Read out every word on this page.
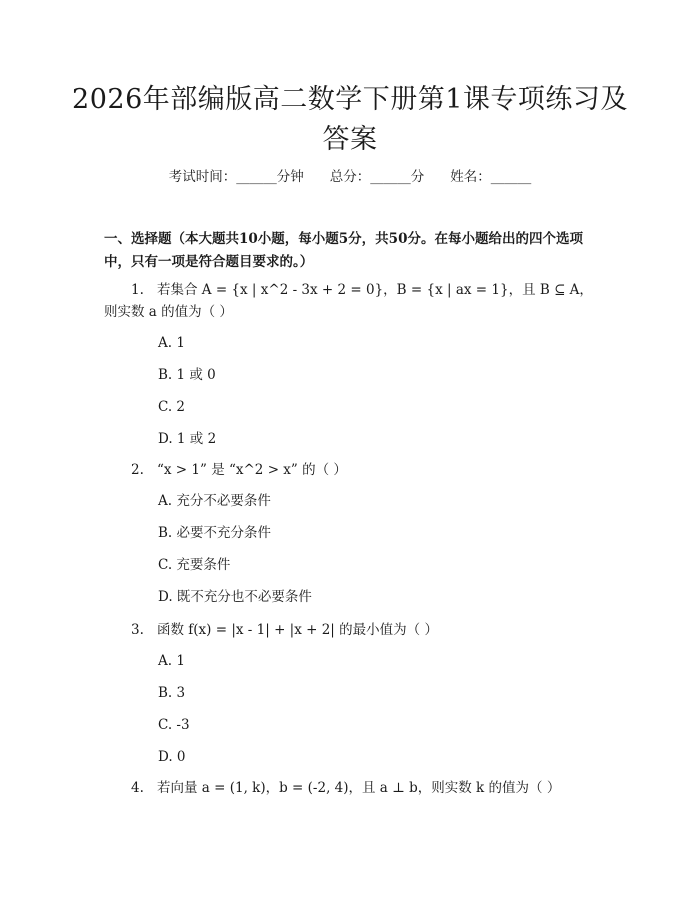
2026年部编版高二数学下册第1课专项练习及答案
考试时间：______分钟 总分：______分 姓名：______
一、选择题（本大题共10小题，每小题5分，共50分。在每小题给出的四个选项中，只有一项是符合题目要求的。）
1. 若集合 A = {x | x^2 - 3x + 2 = 0}，B = {x | ax = 1}，且 B ⊆ A，则实数 a 的值为（ ）
A. 1
B. 1 或 0
C. 2
D. 1 或 2
2. “x > 1” 是 “x^2 > x” 的（ ）
A. 充分不必要条件
B. 必要不充分条件
C. 充要条件
D. 既不充分也不必要条件
3. 函数 f(x) = |x - 1| + |x + 2| 的最小值为（ ）
A. 1
B. 3
C. -3
D. 0
4. 若向量 a = (1, k)，b = (-2, 4)，且 a ⊥ b，则实数 k 的值为（ ）
